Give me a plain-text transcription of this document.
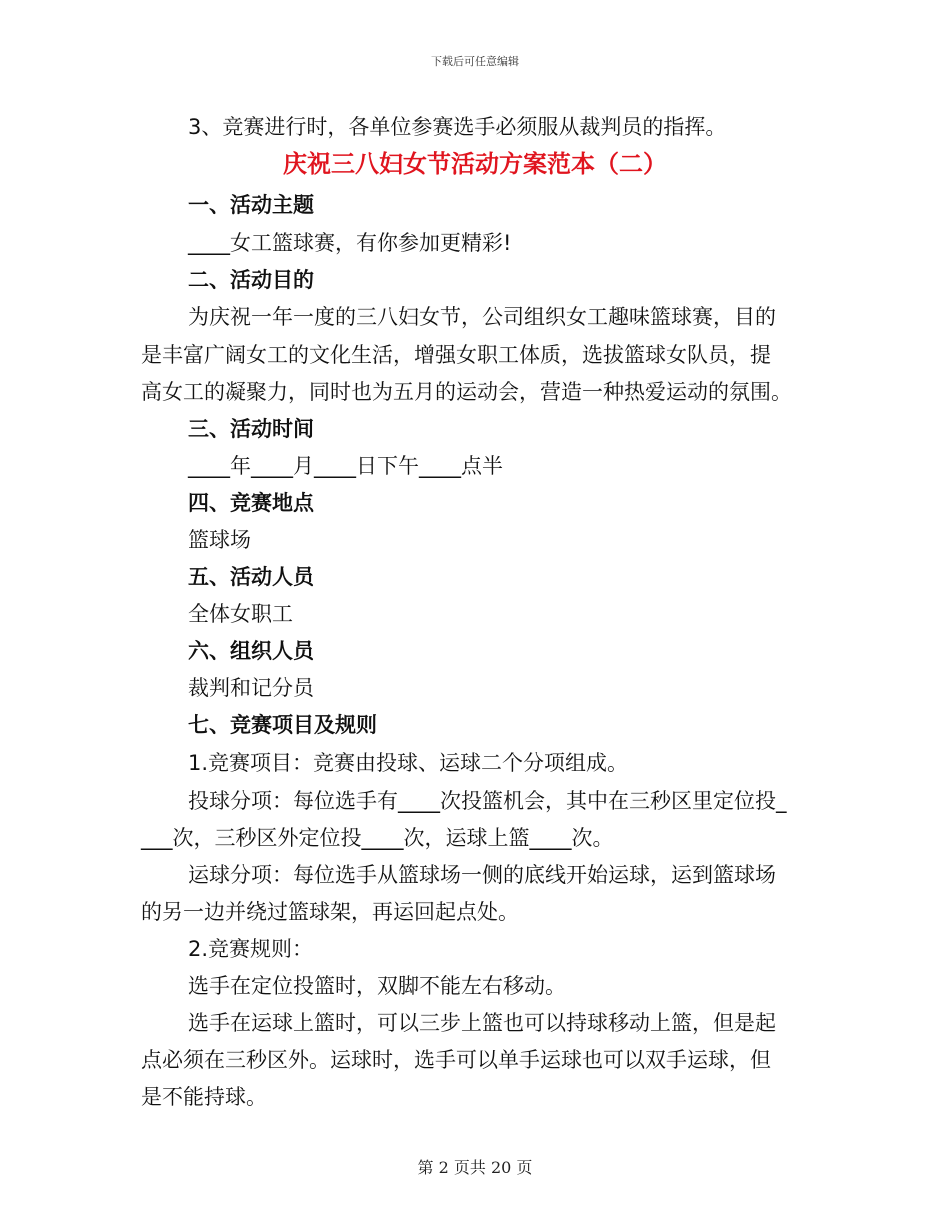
下载后可任意编辑
3、竞赛进行时，各单位参赛选手必须服从裁判员的指挥。
庆祝三八妇女节活动方案范本（二）
一、活动主题
____女工篮球赛，有你参加更精彩!
二、活动目的
为庆祝一年一度的三八妇女节，公司组织女工趣味篮球赛，目的
是丰富广阔女工的文化生活，增强女职工体质，选拔篮球女队员，提
高女工的凝聚力，同时也为五月的运动会，营造一种热爱运动的氛围。
三、活动时间
____年____月____日下午____点半
四、竞赛地点
篮球场
五、活动人员
全体女职工
六、组织人员
裁判和记分员
七、竞赛项目及规则
1.竞赛项目：竞赛由投球、运球二个分项组成。
投球分项：每位选手有____次投篮机会，其中在三秒区里定位投_
___次，三秒区外定位投____次，运球上篮____次。
运球分项：每位选手从篮球场一侧的底线开始运球，运到篮球场
的另一边并绕过篮球架，再运回起点处。
2.竞赛规则：
选手在定位投篮时，双脚不能左右移动。
选手在运球上篮时，可以三步上篮也可以持球移动上篮，但是起
点必须在三秒区外。运球时，选手可以单手运球也可以双手运球，但
是不能持球。
第 2 页共 20 页
